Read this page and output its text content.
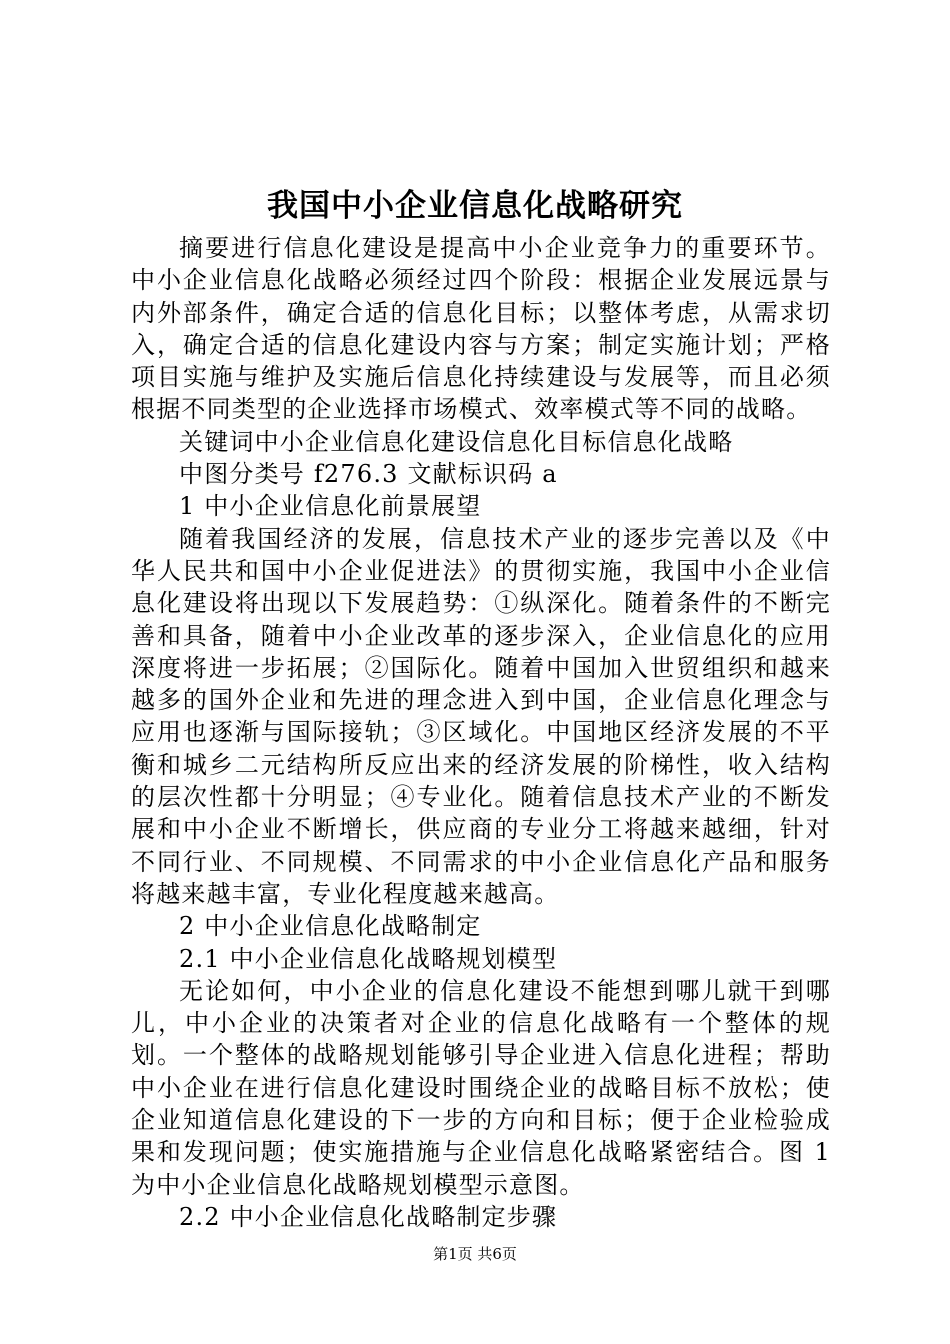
我国中小企业信息化战略研究

摘要进行信息化建设是提高中小企业竞争力的重要环节。中小企业信息化战略必须经过四个阶段：根据企业发展远景与内外部条件，确定合适的信息化目标；以整体考虑，从需求切入，确定合适的信息化建设内容与方案；制定实施计划；严格项目实施与维护及实施后信息化持续建设与发展等，而且必须根据不同类型的企业选择市场模式、效率模式等不同的战略。

关键词中小企业信息化建设信息化目标信息化战略

中图分类号 f276.3 文献标识码 a

1 中小企业信息化前景展望

随着我国经济的发展，信息技术产业的逐步完善以及《中华人民共和国中小企业促进法》的贯彻实施，我国中小企业信息化建设将出现以下发展趋势：①纵深化。随着条件的不断完善和具备，随着中小企业改革的逐步深入，企业信息化的应用深度将进一步拓展；②国际化。随着中国加入世贸组织和越来越多的国外企业和先进的理念进入到中国，企业信息化理念与应用也逐渐与国际接轨；③区域化。中国地区经济发展的不平衡和城乡二元结构所反应出来的经济发展的阶梯性，收入结构的层次性都十分明显；④专业化。随着信息技术产业的不断发展和中小企业不断增长，供应商的专业分工将越来越细，针对不同行业、不同规模、不同需求的中小企业信息化产品和服务将越来越丰富，专业化程度越来越高。

2 中小企业信息化战略制定

2.1 中小企业信息化战略规划模型

无论如何，中小企业的信息化建设不能想到哪儿就干到哪儿，中小企业的决策者对企业的信息化战略有一个整体的规划。一个整体的战略规划能够引导企业进入信息化进程；帮助中小企业在进行信息化建设时围绕企业的战略目标不放松；使企业知道信息化建设的下一步的方向和目标；便于企业检验成果和发现问题；使实施措施与企业信息化战略紧密结合。图 1 为中小企业信息化战略规划模型示意图。

2.2 中小企业信息化战略制定步骤

第1页 共6页
